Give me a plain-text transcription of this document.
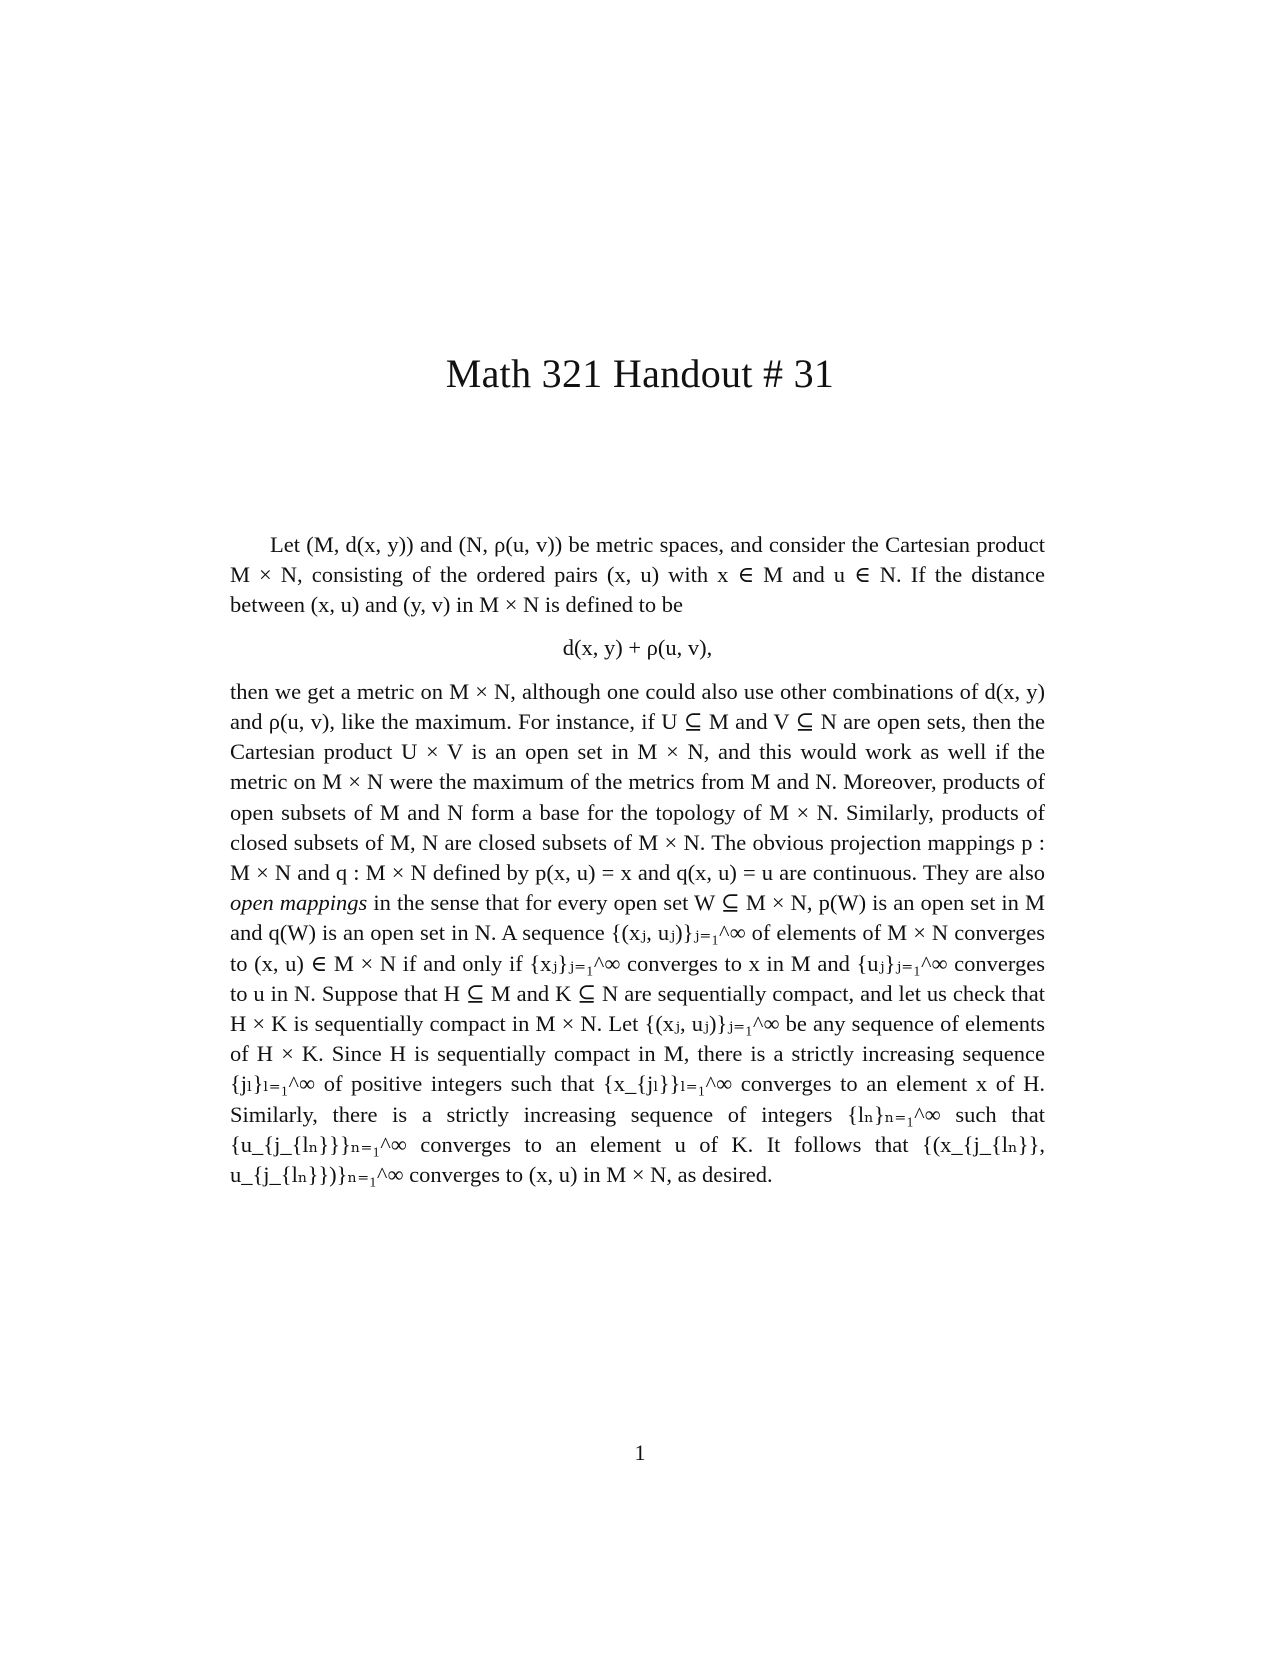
Math 321 Handout # 31

Let (M, d(x, y)) and (N, ρ(u, v)) be metric spaces, and consider the Cartesian product M × N, consisting of the ordered pairs (x, u) with x ∈ M and u ∈ N. If the distance between (x, u) and (y, v) in M × N is defined to be

d(x, y) + ρ(u, v),

then we get a metric on M × N, although one could also use other combinations of d(x, y) and ρ(u, v), like the maximum. For instance, if U ⊆ M and V ⊆ N are open sets, then the Cartesian product U × V is an open set in M × N, and this would work as well if the metric on M × N were the maximum of the metrics from M and N. Moreover, products of open subsets of M and N form a base for the topology of M × N. Similarly, products of closed subsets of M, N are closed subsets of M × N. The obvious projection mappings p : M × N and q : M × N defined by p(x, u) = x and q(x, u) = u are continuous. They are also open mappings in the sense that for every open set W ⊆ M × N, p(W) is an open set in M and q(W) is an open set in N. A sequence {(xⱼ, uⱼ)}ⱼ₌₁^∞ of elements of M × N converges to (x, u) ∈ M × N if and only if {xⱼ}ⱼ₌₁^∞ converges to x in M and {uⱼ}ⱼ₌₁^∞ converges to u in N. Suppose that H ⊆ M and K ⊆ N are sequentially compact, and let us check that H × K is sequentially compact in M × N. Let {(xⱼ, uⱼ)}ⱼ₌₁^∞ be any sequence of elements of H × K. Since H is sequentially compact in M, there is a strictly increasing sequence {jₗ}ₗ₌₁^∞ of positive integers such that {x_{jₗ}}ₗ₌₁^∞ converges to an element x of H. Similarly, there is a strictly increasing sequence of integers {lₙ}ₙ₌₁^∞ such that {u_{j_{lₙ}}}ₙ₌₁^∞ converges to an element u of K. It follows that {(x_{j_{lₙ}}, u_{j_{lₙ}})}ₙ₌₁^∞ converges to (x, u) in M × N, as desired.

1
